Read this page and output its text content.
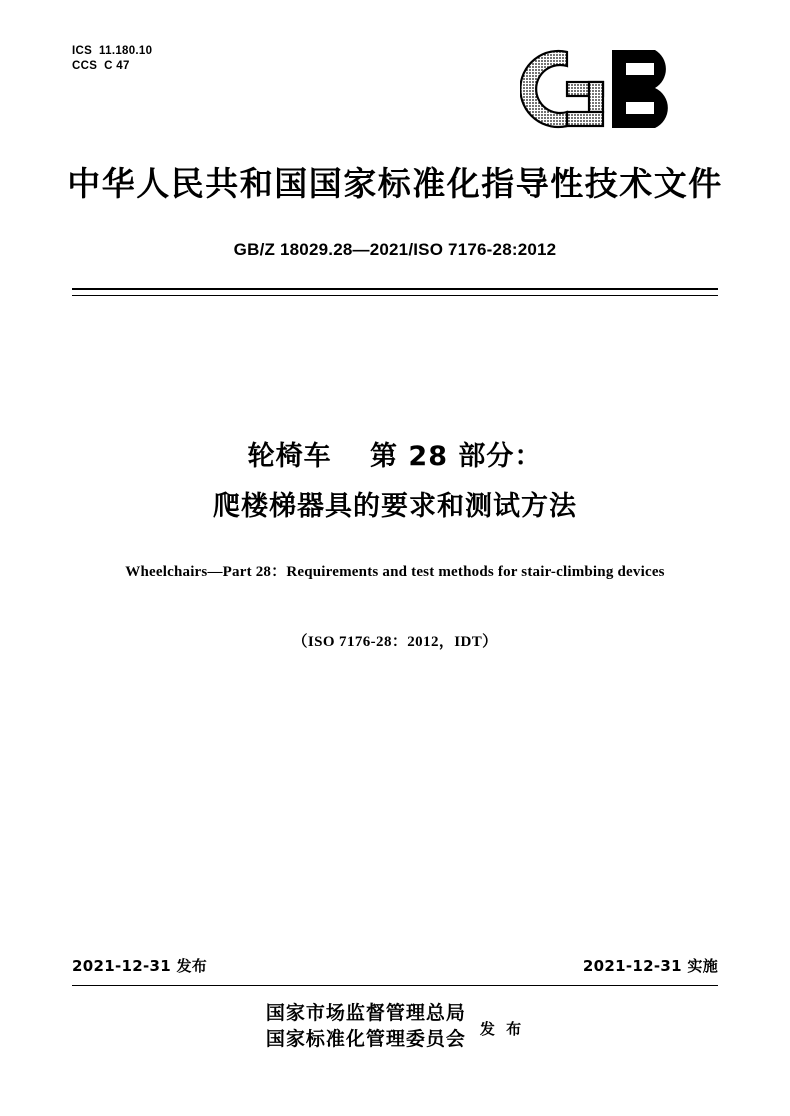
ICS  11.180.10
CCS  C 47
中华人民共和国国家标准化指导性技术文件
GB/Z 18029.28—2021/ISO 7176-28:2012
轮椅车　 第 28 部分：
爬楼梯器具的要求和测试方法
Wheelchairs—Part 28：Requirements and test methods for stair-climbing devices
（ISO 7176-28：2012，IDT）
2021-12-31 发布	2021-12-31 实施
国家市场监督管理总局
国家标准化管理委员会 发 布
